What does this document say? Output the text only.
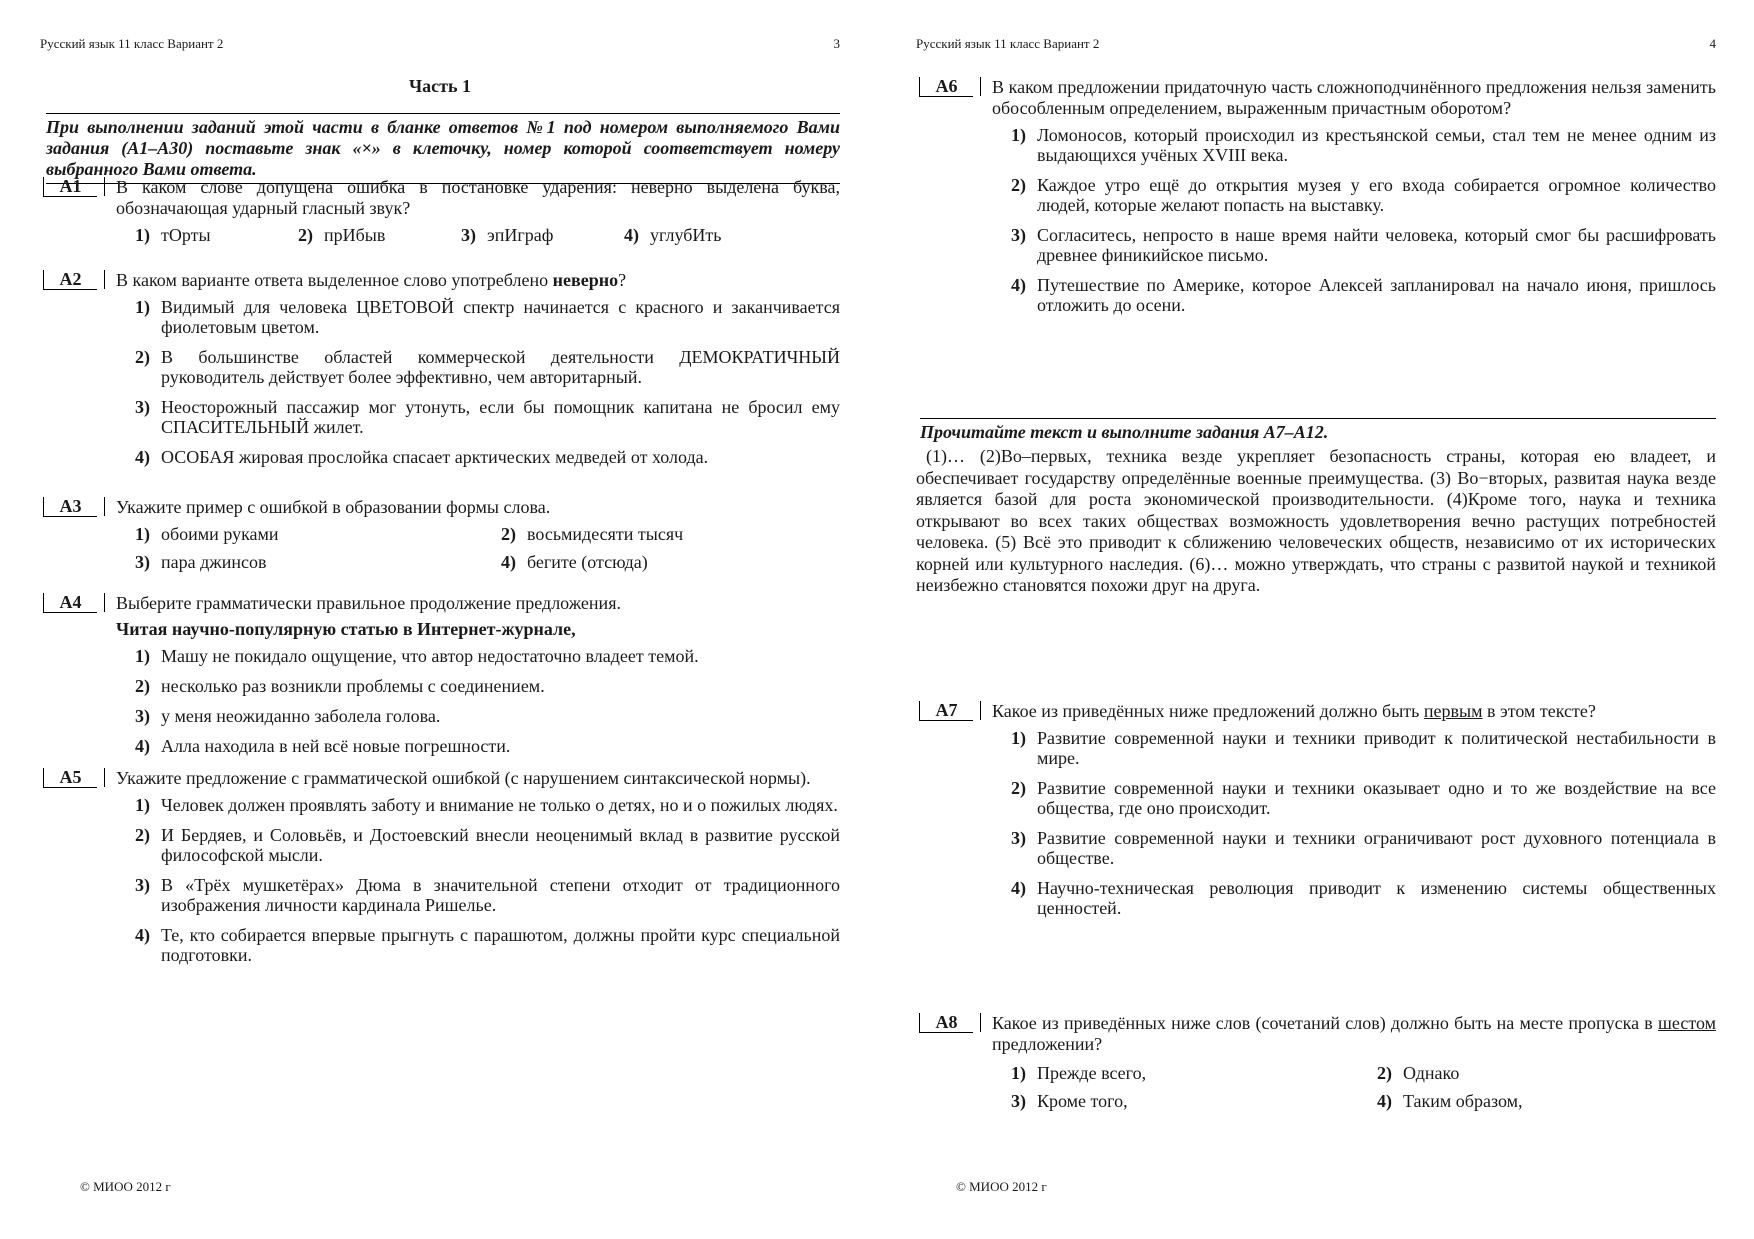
Русский язык 11 класс Вариант 2	3
Часть 1
При выполнении заданий этой части в бланке ответов №1 под номером выполняемого Вами задания (А1–А30) поставьте знак «×» в клеточку, номер которой соответствует номеру выбранного Вами ответа.
А1	В каком слове допущена ошибка в постановке ударения: неверно выделена буква, обозначающая ударный гласный звук?
1) тОрты	2) прИбыв	3) эпИграф	4) углубИть
А2	В каком варианте ответа выделенное слово употреблено неверно?
1) Видимый для человека ЦВЕТОВОЙ спектр начинается с красного и заканчивается фиолетовым цветом.
2) В большинстве областей коммерческой деятельности ДЕМОКРАТИЧНЫЙ руководитель действует более эффективно, чем авторитарный.
3) Неосторожный пассажир мог утонуть, если бы помощник капитана не бросил ему СПАСИТЕЛЬНЫЙ жилет.
4) ОСОБАЯ жировая прослойка спасает арктических медведей от холода.
А3	Укажите пример с ошибкой в образовании формы слова.
1) обоими руками	2) восьмидесяти тысяч
3) пара джинсов	4) бегите (отсюда)
А4	Выберите грамматически правильное продолжение предложения.
Читая научно-популярную статью в Интернет-журнале,
1) Машу не покидало ощущение, что автор недостаточно владеет темой.
2) несколько раз возникли проблемы с соединением.
3) у меня неожиданно заболела голова.
4) Алла находила в ней всё новые погрешности.
А5	Укажите предложение с грамматической ошибкой (с нарушением синтаксической нормы).
1) Человек должен проявлять заботу и внимание не только о детях, но и о пожилых людях.
2) И Бердяев, и Соловьёв, и Достоевский внесли неоценимый вклад в развитие русской философской мысли.
3) В «Трёх мушкетёрах» Дюма в значительной степени отходит от традиционного изображения личности кардинала Ришелье.
4) Те, кто собирается впервые прыгнуть с парашютом, должны пройти курс специальной подготовки.
© МИОО 2012 г
Русский язык 11 класс Вариант 2	4
А6	В каком предложении придаточную часть сложноподчинённого предложения нельзя заменить обособленным определением, выраженным причастным оборотом?
1) Ломоносов, который происходил из крестьянской семьи, стал тем не менее одним из выдающихся учёных XVIII века.
2) Каждое утро ещё до открытия музея у его входа собирается огромное количество людей, которые желают попасть на выставку.
3) Согласитесь, непросто в наше время найти человека, который смог бы расшифровать древнее финикийское письмо.
4) Путешествие по Америке, которое Алексей запланировал на начало июня, пришлось отложить до осени.
Прочитайте текст и выполните задания А7–А12.
(1)… (2)Во–первых, техника везде укрепляет безопасность страны, которая ею владеет, и обеспечивает государству определённые военные преимущества. (3) Во−вторых, развитая наука везде является базой для роста экономической производительности. (4)Кроме того, наука и техника открывают во всех таких обществах возможность удовлетворения вечно растущих потребностей человека. (5) Всё это приводит к сближению человеческих обществ, независимо от их исторических корней или культурного наследия. (6)… можно утверждать, что страны с развитой наукой и техникой неизбежно становятся похожи друг на друга.
А7	Какое из приведённых ниже предложений должно быть первым в этом тексте?
1) Развитие современной науки и техники приводит к политической нестабильности в мире.
2) Развитие современной науки и техники оказывает одно и то же воздействие на все общества, где оно происходит.
3) Развитие современной науки и техники ограничивают рост духовного потенциала в обществе.
4) Научно-техническая революция приводит к изменению системы общественных ценностей.
А8	Какое из приведённых ниже слов (сочетаний слов) должно быть на месте пропуска в шестом предложении?
1) Прежде всего,	2) Однако
3) Кроме того,	4) Таким образом,
© МИОО 2012 г
